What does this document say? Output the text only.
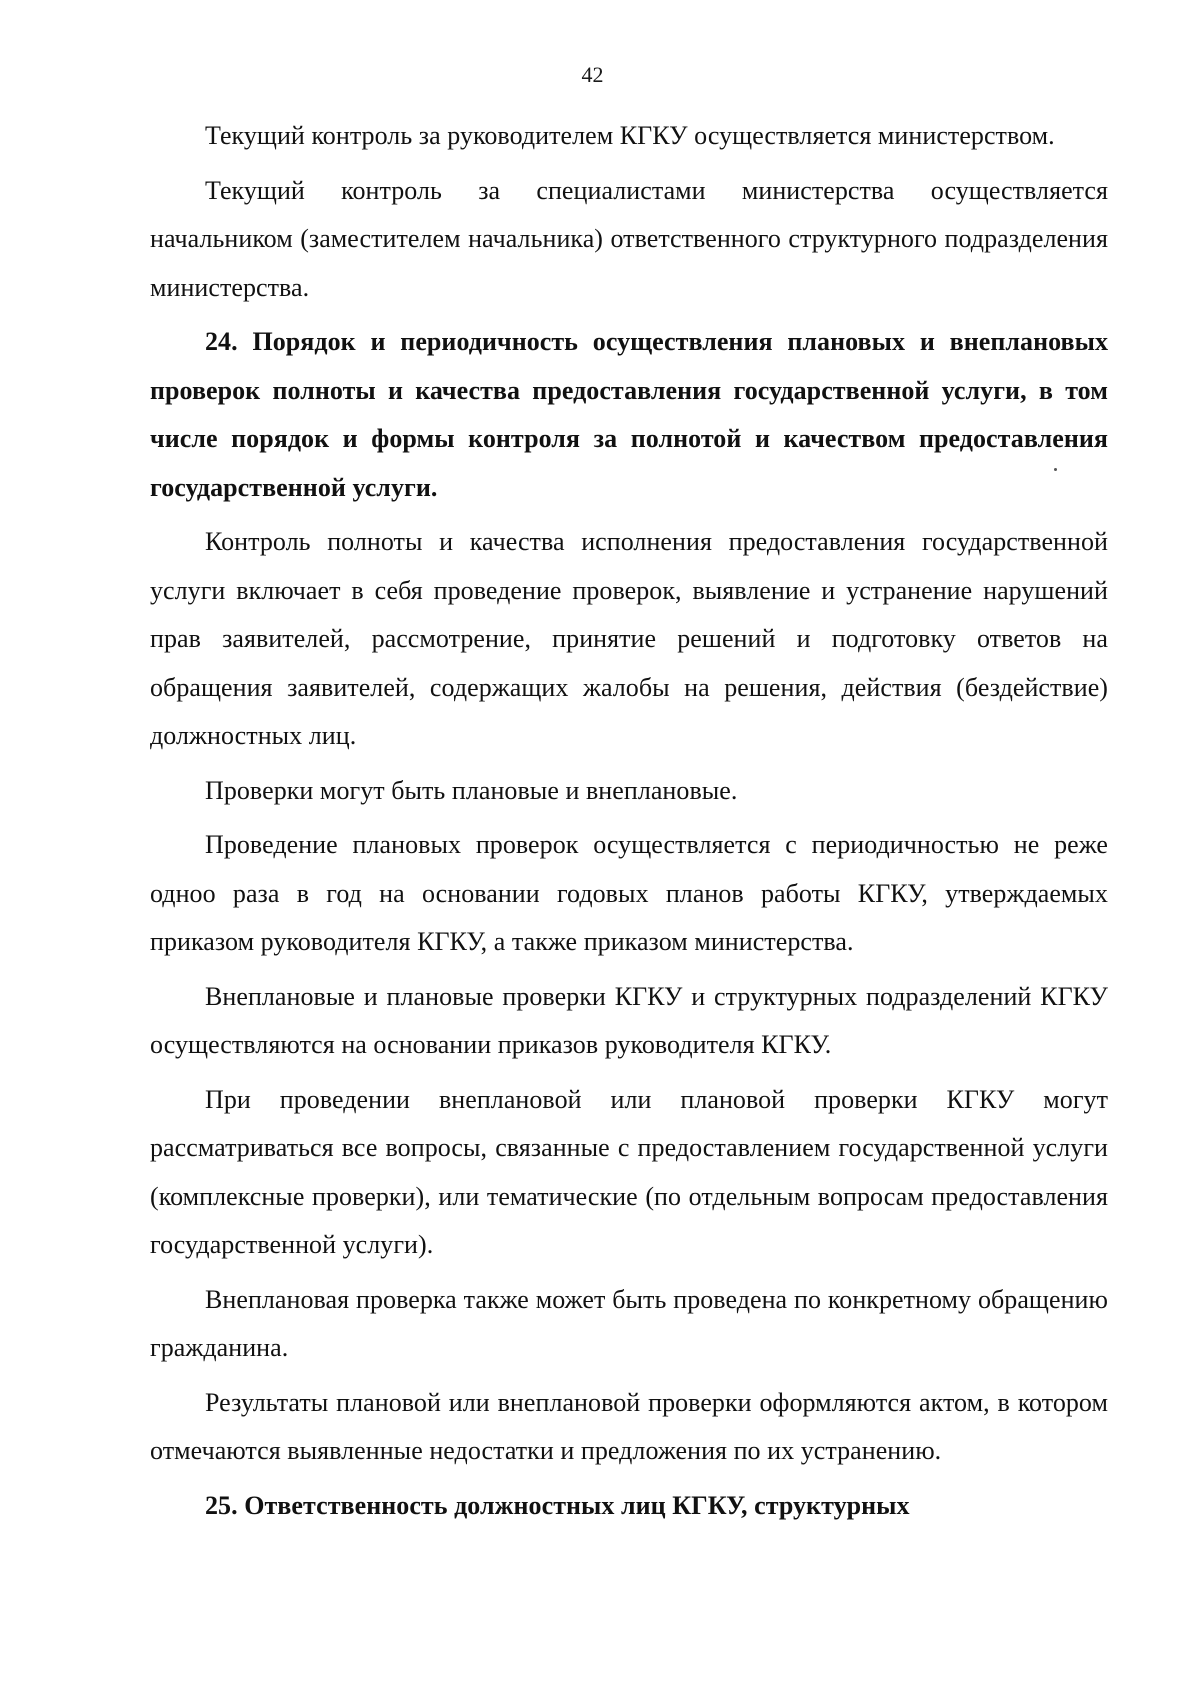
42

Текущий контроль за руководителем КГКУ осуществляется министерством.

Текущий контроль за специалистами министерства осуществляется начальником (заместителем начальника) ответственного структурного подразделения министерства.

24. Порядок и периодичность осуществления плановых и внеплановых проверок полноты и качества предоставления государственной услуги, в том числе порядок и формы контроля за полнотой и качеством предоставления государственной услуги.

Контроль полноты и качества исполнения предоставления государственной услуги включает в себя проведение проверок, выявление и устранение нарушений прав заявителей, рассмотрение, принятие решений и подготовку ответов на обращения заявителей, содержащих жалобы на решения, действия (бездействие) должностных лиц.

Проверки могут быть плановые и внеплановые.

Проведение плановых проверок осуществляется с периодичностью не реже одноо раза в год на основании годовых планов работы КГКУ, утверждаемых приказом руководителя КГКУ, а также приказом министерства.

Внеплановые и плановые проверки КГКУ и структурных подразделений КГКУ осуществляются на основании приказов руководителя КГКУ.

При проведении внеплановой или плановой проверки КГКУ могут рассматриваться все вопросы, связанные с предоставлением государственной услуги (комплексные проверки), или тематические (по отдельным вопросам предоставления государственной услуги).

Внеплановая проверка также может быть проведена по конкретному обращению гражданина.

Результаты плановой или внеплановой проверки оформляются актом, в котором отмечаются выявленные недостатки и предложения по их устранению.

25. Ответственность должностных лиц КГКУ, структурных
